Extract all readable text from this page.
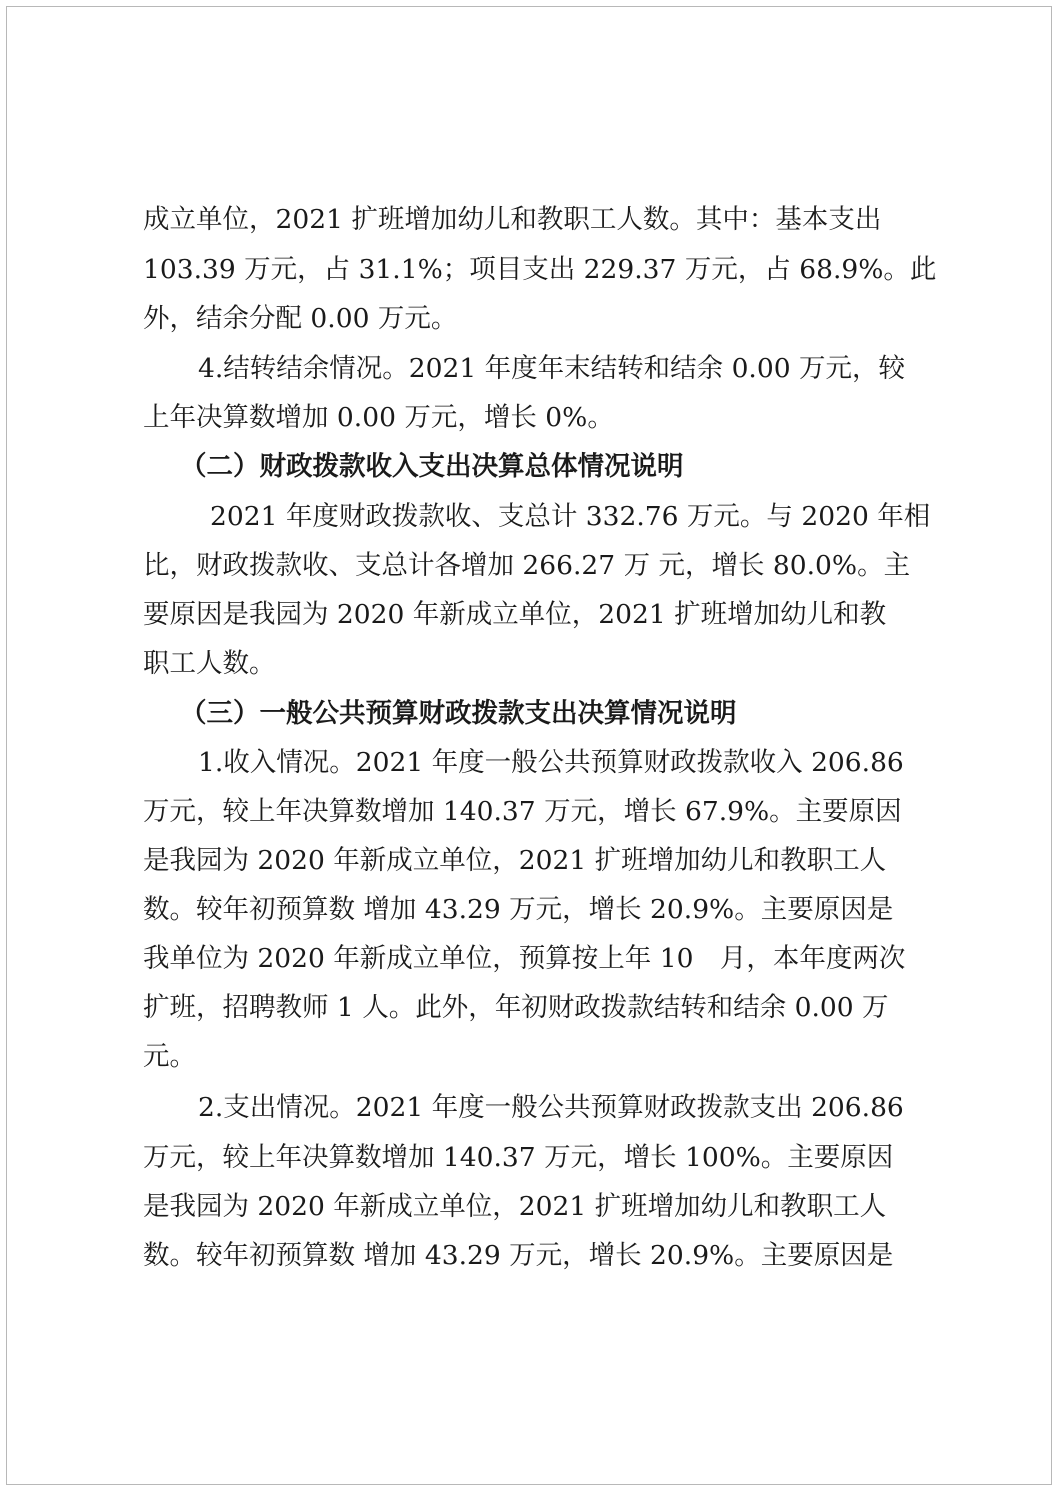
成立单位，2021 扩班增加幼儿和教职工人数。其中：基本支出
103.39 万元，占 31.1%；项目支出 229.37 万元，占 68.9%。此
外，结余分配 0.00 万元。
4.结转结余情况。2021 年度年末结转和结余 0.00 万元，较
上年决算数增加 0.00 万元，增长 0%。
（二）财政拨款收入支出决算总体情况说明
2021 年度财政拨款收、支总计 332.76 万元。与 2020 年相
比，财政拨款收、支总计各增加 266.27 万 元，增长 80.0%。主
要原因是我园为 2020 年新成立单位，2021 扩班增加幼儿和教
职工人数。
（三）一般公共预算财政拨款支出决算情况说明
1.收入情况。2021 年度一般公共预算财政拨款收入 206.86
万元，较上年决算数增加 140.37 万元，增长 67.9%。主要原因
是我园为 2020 年新成立单位，2021 扩班增加幼儿和教职工人
数。较年初预算数 增加 43.29 万元，增长 20.9%。主要原因是
我单位为 2020 年新成立单位，预算按上年 10　月，本年度两次
扩班，招聘教师 1 人。此外，年初财政拨款结转和结余 0.00 万
元。
2.支出情况。2021 年度一般公共预算财政拨款支出 206.86
万元，较上年决算数增加 140.37 万元，增长 100%。主要原因
是我园为 2020 年新成立单位，2021 扩班增加幼儿和教职工人
数。较年初预算数 增加 43.29 万元，增长 20.9%。主要原因是
